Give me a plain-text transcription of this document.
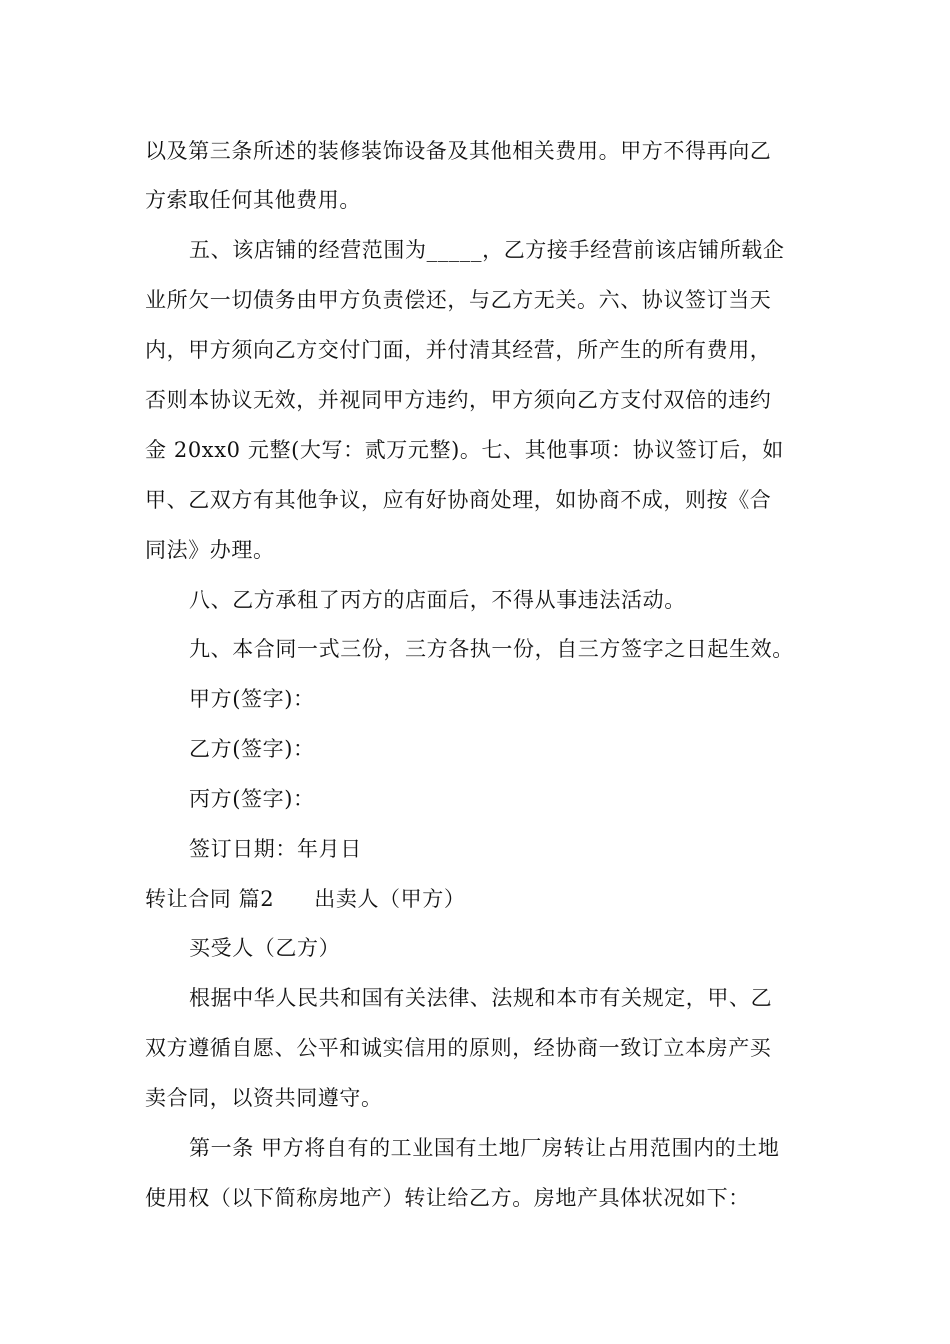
以及第三条所述的装修装饰设备及其他相关费用。甲方不得再向乙
方索取任何其他费用。
五、该店铺的经营范围为_____，乙方接手经营前该店铺所载企
业所欠一切债务由甲方负责偿还，与乙方无关。六、协议签订当天
内，甲方须向乙方交付门面，并付清其经营，所产生的所有费用，
否则本协议无效，并视同甲方违约，甲方须向乙方支付双倍的违约
金 20xx0 元整(大写：贰万元整)。七、其他事项：协议签订后，如
甲、乙双方有其他争议，应有好协商处理，如协商不成，则按《合
同法》办理。
八、乙方承租了丙方的店面后，不得从事违法活动。
九、本合同一式三份，三方各执一份，自三方签字之日起生效。
甲方(签字)：
乙方(签字)：
丙方(签字)：
签订日期：年月日
转让合同 篇2 出卖人（甲方）
买受人（乙方）
根据中华人民共和国有关法律、法规和本市有关规定，甲、乙
双方遵循自愿、公平和诚实信用的原则，经协商一致订立本房产买
卖合同，以资共同遵守。
第一条 甲方将自有的工业国有土地厂房转让占用范围内的土地
使用权（以下简称房地产）转让给乙方。房地产具体状况如下：
